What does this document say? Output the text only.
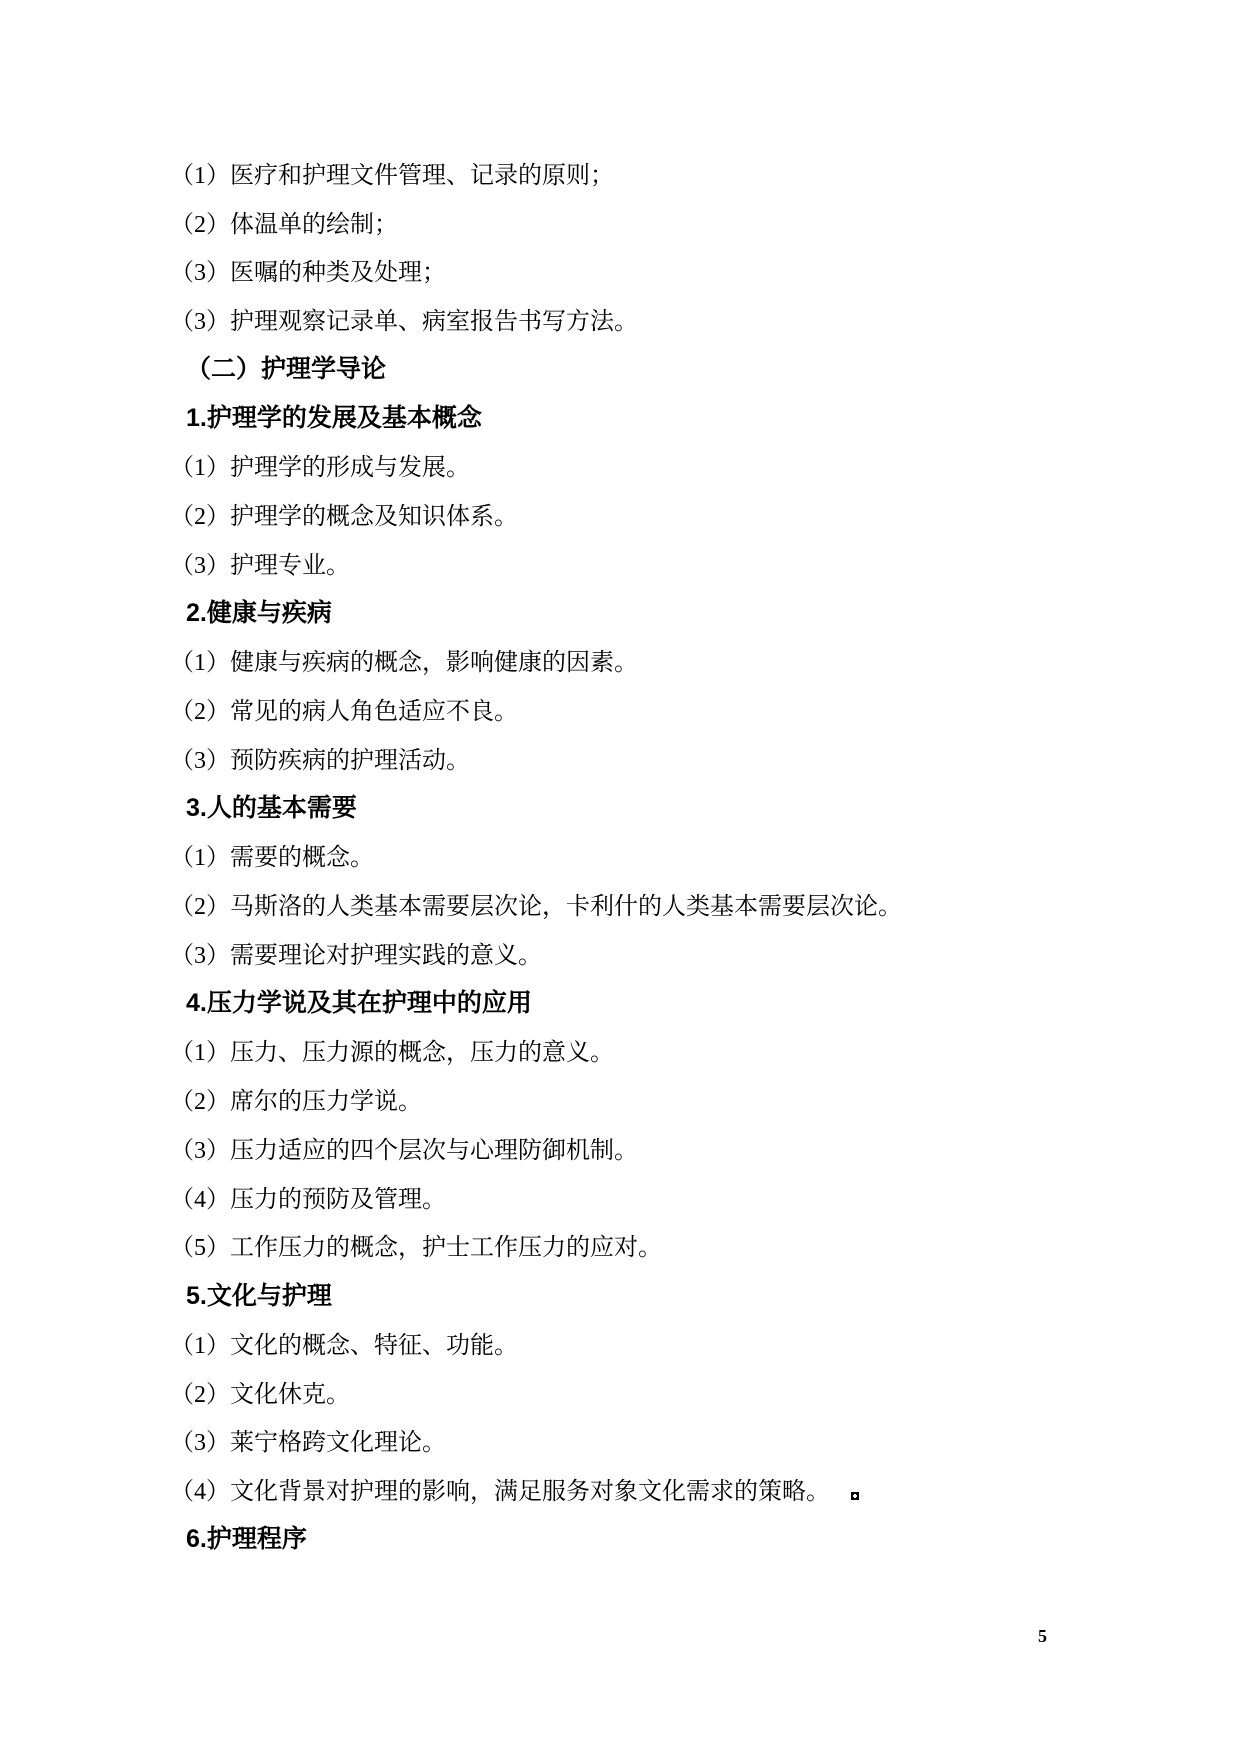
（1）医疗和护理文件管理、记录的原则；
（2）体温单的绘制；
（3）医嘱的种类及处理；
（3）护理观察记录单、病室报告书写方法。
（二）护理学导论
1.护理学的发展及基本概念
（1）护理学的形成与发展。
（2）护理学的概念及知识体系。
（3）护理专业。
2.健康与疾病
（1）健康与疾病的概念，影响健康的因素。
（2）常见的病人角色适应不良。
（3）预防疾病的护理活动。
3.人的基本需要
（1）需要的概念。
（2）马斯洛的人类基本需要层次论，卡利什的人类基本需要层次论。
（3）需要理论对护理实践的意义。
4.压力学说及其在护理中的应用
（1）压力、压力源的概念，压力的意义。
（2）席尔的压力学说。
（3）压力适应的四个层次与心理防御机制。
（4）压力的预防及管理。
（5）工作压力的概念，护士工作压力的应对。
5.文化与护理
（1）文化的概念、特征、功能。
（2）文化休克。
（3）莱宁格跨文化理论。
（4）文化背景对护理的影响，满足服务对象文化需求的策略。
6.护理程序
5
